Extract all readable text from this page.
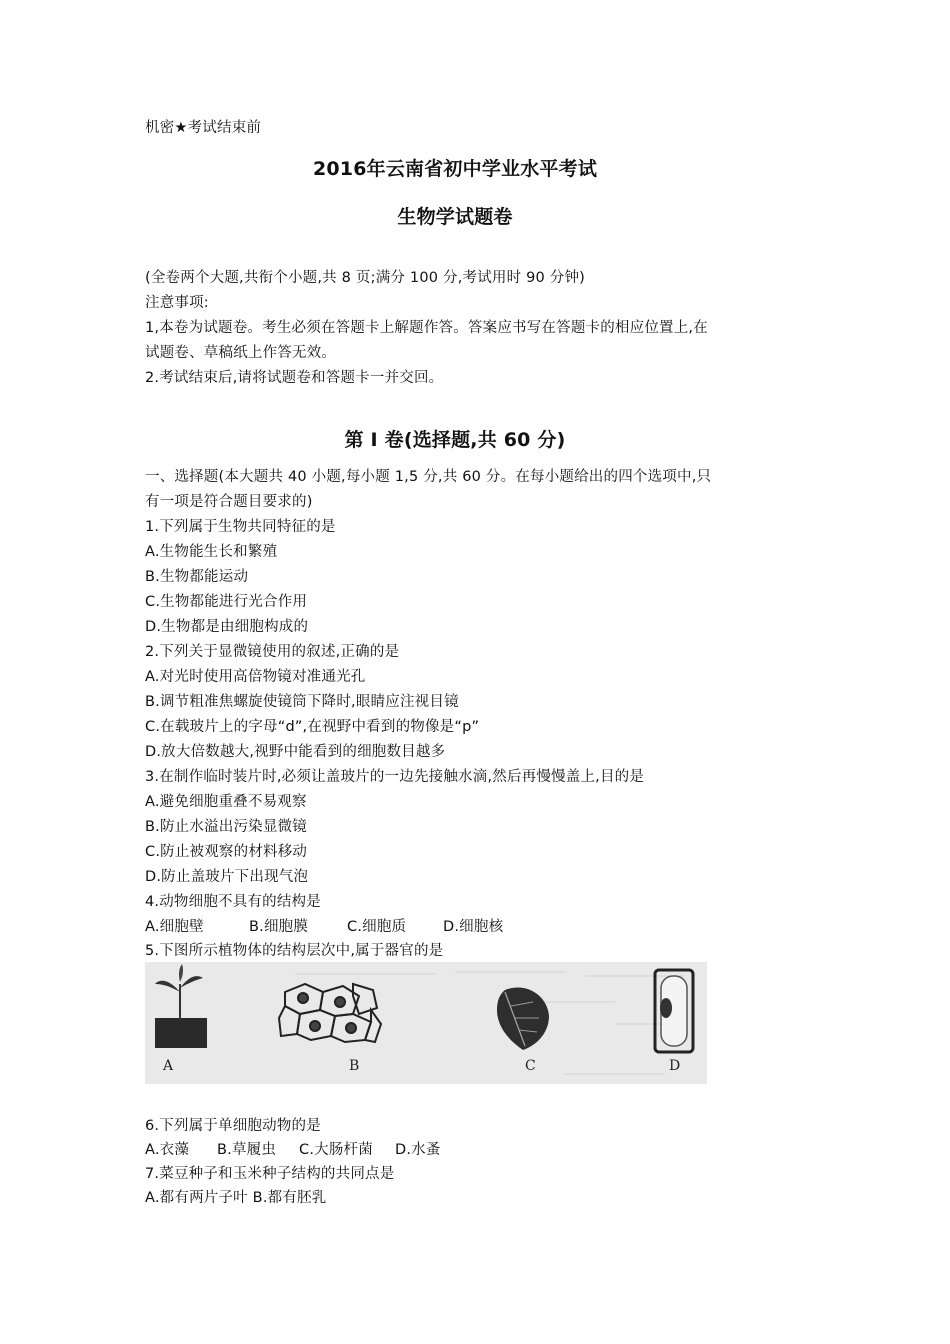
机密★考试结束前
2016年云南省初中学业水平考试
生物学试题卷
(全卷两个大题,共衔个小题,共 8 页;满分 100 分,考试用时 90 分钟)
注意事项:
1,本卷为试题卷。考生必须在答题卡上解题作答。答案应书写在答题卡的相应位置上,在
试题卷、草稿纸上作答无效。
2.考试结束后,请将试题卷和答题卡一并交回。
第 I 卷(选择题,共 60 分)
一、选择题(本大题共 40 小题,每小题 1,5 分,共 60 分。在每小题给出的四个选项中,只
有一项是符合题目要求的)
1.下列属于生物共同特征的是
A.生物能生长和繁殖
B.生物都能运动
C.生物都能进行光合作用
D.生物都是由细胞构成的
2.下列关于显微镜使用的叙述,正确的是
A.对光时使用高倍物镜对准通光孔
B.调节粗准焦螺旋使镜筒下降时,眼睛应注视目镜
C.在载玻片上的字母“d”,在视野中看到的物像是“p”
D.放大倍数越大,视野中能看到的细胞数目越多
3.在制作临时装片时,必须让盖玻片的一边先接触水滴,然后再慢慢盖上,目的是
A.避免细胞重叠不易观察
B.防止水溢出污染显微镜
C.防止被观察的材料移动
D.防止盖玻片下出现气泡
4.动物细胞不具有的结构是
A.细胞壁	B.细胞膜	C.细胞质	D.细胞核
5.下图所示植物体的结构层次中,属于器官的是
A	B	C	D
6.下列属于单细胞动物的是
A.衣藻 B.草履虫 C.大肠杆菌 D.水蚤
7.菜豆种子和玉米种子结构的共同点是
A.都有两片子叶 B.都有胚乳
